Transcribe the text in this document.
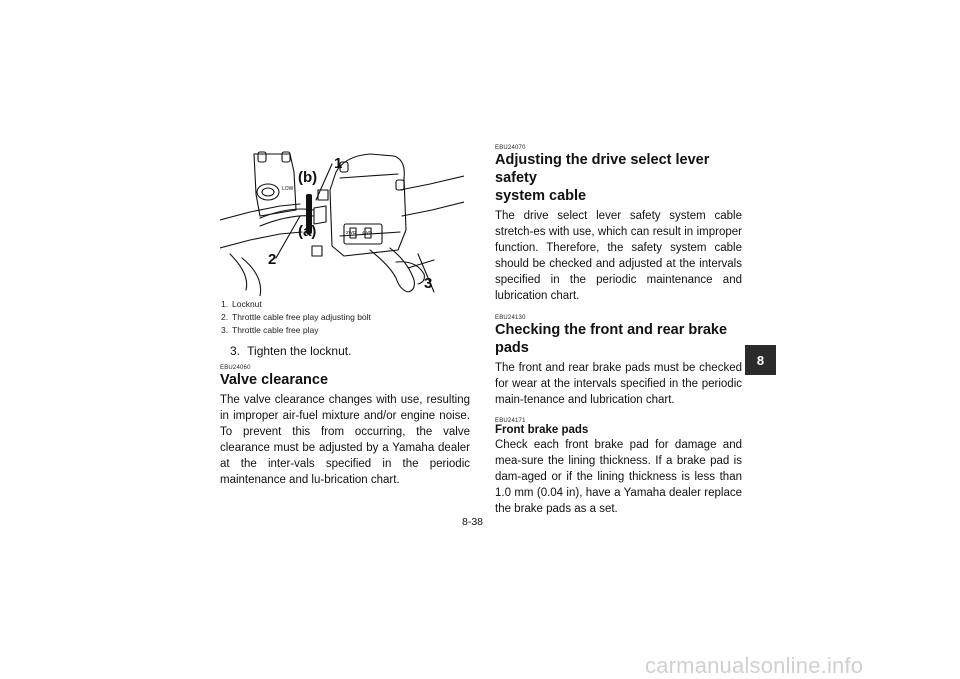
1
2
3
(a)
(b)
LOW
2WD 4WD
1. Locknut
2. Throttle cable free play adjusting bolt
3. Throttle cable free play
3. Tighten the locknut.
EBU24060
Valve clearance

The valve clearance changes with use, resulting in improper air-fuel mixture and/or engine noise. To prevent this from occurring, the valve clearance must be adjusted by a Yamaha dealer at the inter-vals specified in the periodic maintenance and lu-brication chart.

EBU24070
Adjusting the drive select lever safety
system cable

The drive select lever safety system cable stretch-es with use, which can result in improper function. Therefore, the safety system cable should be checked and adjusted at the intervals specified in the periodic maintenance and lubrication chart.

EBU24130
Checking the front and rear brake pads

The front and rear brake pads must be checked for wear at the intervals specified in the periodic main-tenance and lubrication chart.

EBU24171
Front brake pads

Check each front brake pad for damage and mea-sure the lining thickness. If a brake pad is dam-aged or if the lining thickness is less than 1.0 mm (0.04 in), have a Yamaha dealer replace the brake pads as a set.

8
8-38
carmanualsonline.info
